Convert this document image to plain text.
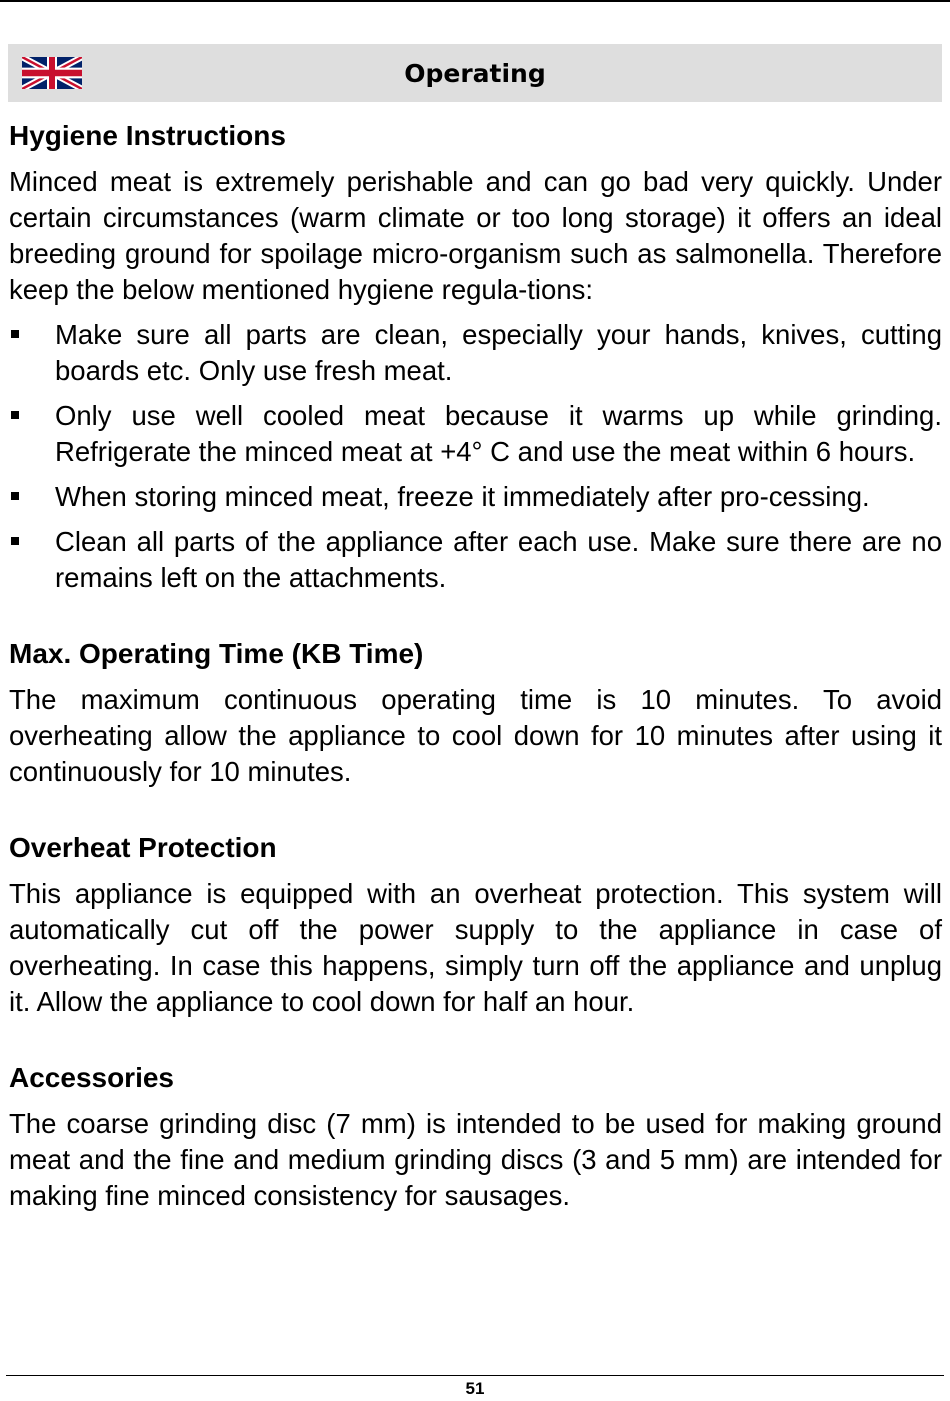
Operating
Hygiene Instructions

Minced meat is extremely perishable and can go bad very quickly. Under certain circumstances (warm climate or too long storage) it offers an ideal breeding ground for spoilage micro-organism such as salmonella. Therefore keep the below mentioned hygiene regula-tions:

Make sure all parts are clean, especially your hands, knives, cutting boards etc. Only use fresh meat.
Only use well cooled meat because it warms up while grinding. Refrigerate the minced meat at +4° C and use the meat within 6 hours.
When storing minced meat, freeze it immediately after pro-cessing.
Clean all parts of the appliance after each use. Make sure there are no remains left on the attachments.
Max. Operating Time (KB Time)

The maximum continuous operating time is 10 minutes. To avoid overheating allow the appliance to cool down for 10 minutes after using it continuously for 10 minutes.

Overheat Protection

This appliance is equipped with an overheat protection. This system will automatically cut off the power supply to the appliance in case of overheating. In case this happens, simply turn off the appliance and unplug it. Allow the appliance to cool down for half an hour.

Accessories

The coarse grinding disc (7 mm) is intended to be used for making ground meat and the fine and medium grinding discs (3 and 5 mm) are intended for making fine minced consistency for sausages.

51
